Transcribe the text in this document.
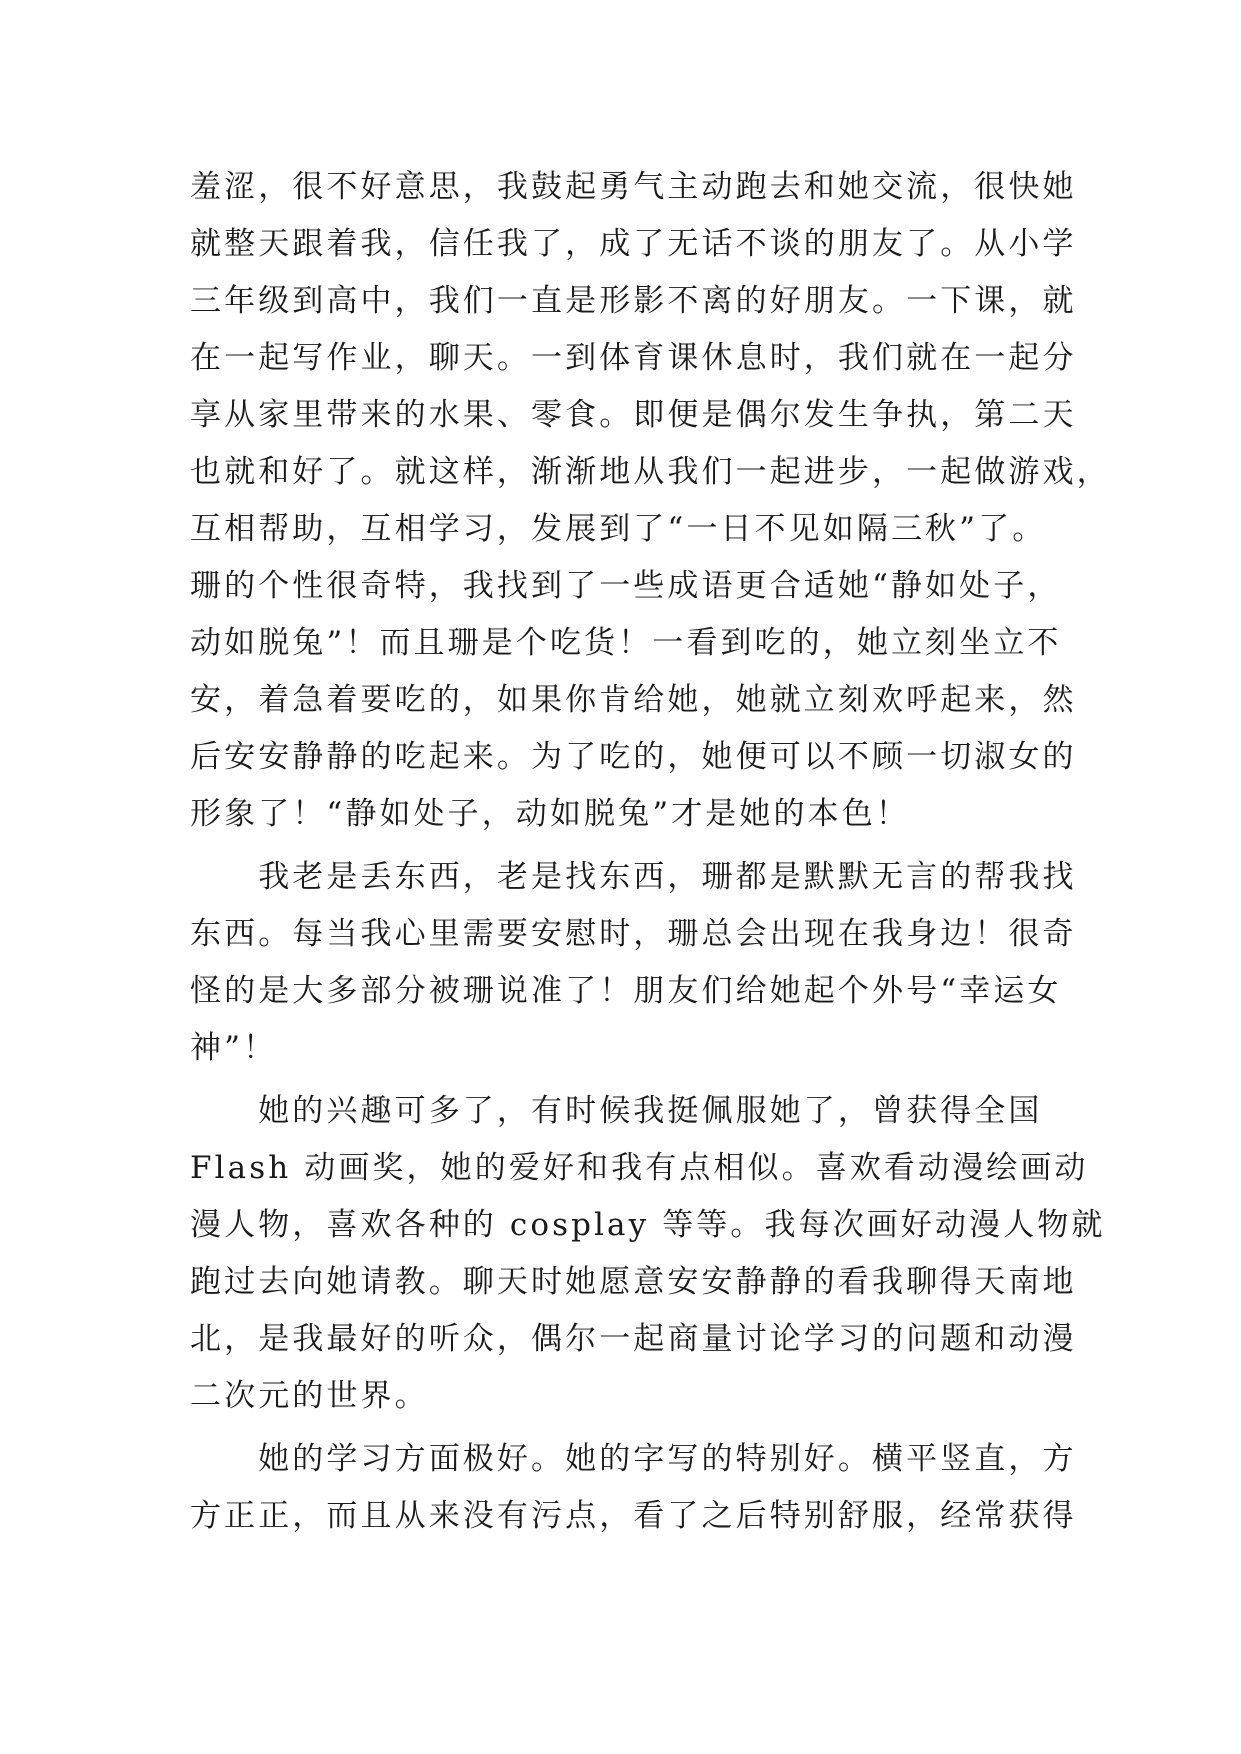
羞涩，很不好意思，我鼓起勇气主动跑去和她交流，很快她
就整天跟着我，信任我了，成了无话不谈的朋友了。从小学
三年级到高中，我们一直是形影不离的好朋友。一下课，就
在一起写作业，聊天。一到体育课休息时，我们就在一起分
享从家里带来的水果、零食。即便是偶尔发生争执，第二天
也就和好了。就这样，渐渐地从我们一起进步，一起做游戏，
互相帮助，互相学习，发展到了“一日不见如隔三秋”了。
珊的个性很奇特，我找到了一些成语更合适她“静如处子，
动如脱兔”！而且珊是个吃货！一看到吃的，她立刻坐立不
安，着急着要吃的，如果你肯给她，她就立刻欢呼起来，然
后安安静静的吃起来。为了吃的，她便可以不顾一切淑女的
形象了！“静如处子，动如脱兔”才是她的本色！
　　我老是丢东西，老是找东西，珊都是默默无言的帮我找
东西。每当我心里需要安慰时，珊总会出现在我身边！很奇
怪的是大多部分被珊说准了！朋友们给她起个外号“幸运女
神”！
　　她的兴趣可多了，有时候我挺佩服她了，曾获得全国
Flash 动画奖，她的爱好和我有点相似。喜欢看动漫绘画动
漫人物，喜欢各种的 cosplay 等等。我每次画好动漫人物就
跑过去向她请教。聊天时她愿意安安静静的看我聊得天南地
北，是我最好的听众，偶尔一起商量讨论学习的问题和动漫
二次元的世界。
　　她的学习方面极好。她的字写的特别好。横平竖直，方
方正正，而且从来没有污点，看了之后特别舒服，经常获得
